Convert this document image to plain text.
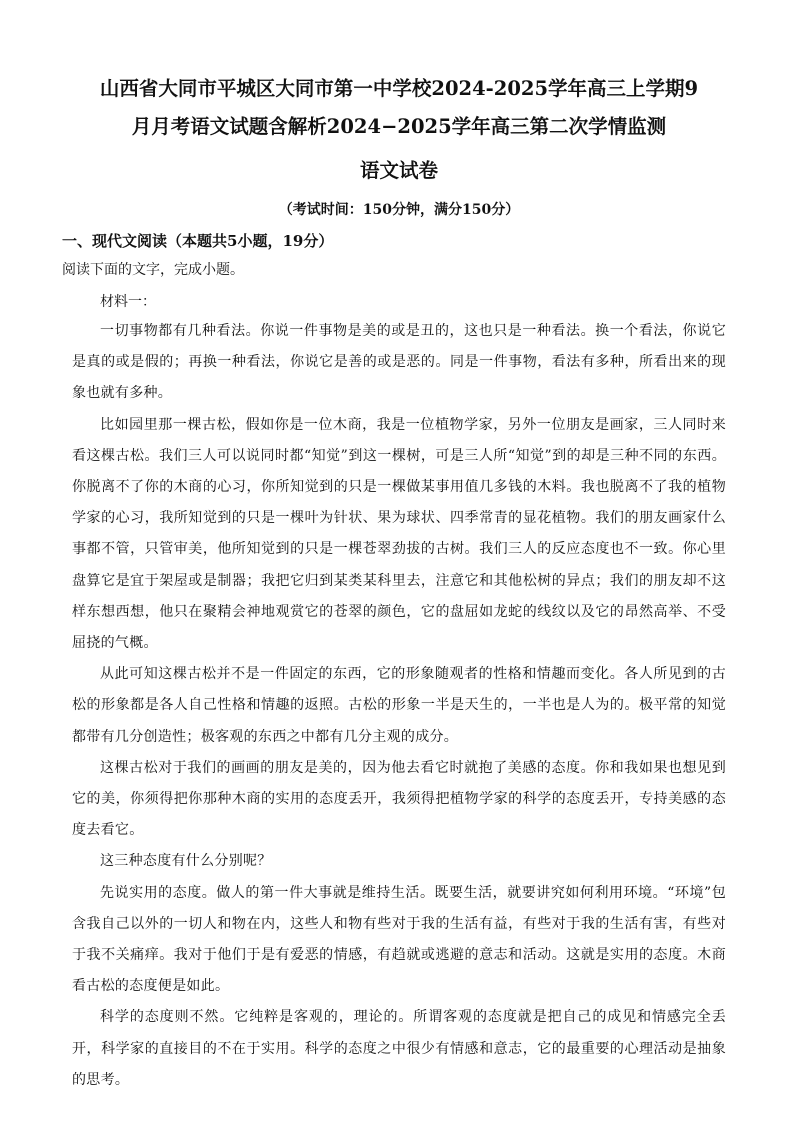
山西省大同市平城区大同市第一中学校2024-2025学年高三上学期9
月月考语文试题含解析2024−2025学年高三第二次学情监测
语文试卷
（考试时间：150分钟，满分150分）
一、现代文阅读（本题共5小题，19分）
阅读下面的文字，完成小题。
材料一：

一切事物都有几种看法。你说一件事物是美的或是丑的，这也只是一种看法。换一个看法，你说它是真的或是假的；再换一种看法，你说它是善的或是恶的。同是一件事物，看法有多种，所看出来的现象也就有多种。

比如园里那一棵古松，假如你是一位木商，我是一位植物学家，另外一位朋友是画家，三人同时来看这棵古松。我们三人可以说同时都“知觉”到这一棵树，可是三人所“知觉”到的却是三种不同的东西。你脱离不了你的木商的心习，你所知觉到的只是一棵做某事用值几多钱的木料。我也脱离不了我的植物学家的心习，我所知觉到的只是一棵叶为针状、果为球状、四季常青的显花植物。我们的朋友画家什么事都不管，只管审美，他所知觉到的只是一棵苍翠劲拔的古树。我们三人的反应态度也不一致。你心里盘算它是宜于架屋或是制器；我把它归到某类某科里去，注意它和其他松树的异点；我们的朋友却不这样东想西想，他只在聚精会神地观赏它的苍翠的颜色，它的盘屈如龙蛇的线纹以及它的昂然高举、不受屈挠的气概。

从此可知这棵古松并不是一件固定的东西，它的形象随观者的性格和情趣而变化。各人所见到的古松的形象都是各人自己性格和情趣的返照。古松的形象一半是天生的，一半也是人为的。极平常的知觉都带有几分创造性；极客观的东西之中都有几分主观的成分。

这棵古松对于我们的画画的朋友是美的，因为他去看它时就抱了美感的态度。你和我如果也想见到它的美，你须得把你那种木商的实用的态度丢开，我须得把植物学家的科学的态度丢开，专持美感的态度去看它。

这三种态度有什么分别呢？

先说实用的态度。做人的第一件大事就是维持生活。既要生活，就要讲究如何利用环境。“环境”包含我自己以外的一切人和物在内，这些人和物有些对于我的生活有益，有些对于我的生活有害，有些对于我不关痛痒。我对于他们于是有爱恶的情感，有趋就或逃避的意志和活动。这就是实用的态度。木商看古松的态度便是如此。

科学的态度则不然。它纯粹是客观的，理论的。所谓客观的态度就是把自己的成见和情感完全丢开，科学家的直接目的不在于实用。科学的态度之中很少有情感和意志，它的最重要的心理活动是抽象的思考。
